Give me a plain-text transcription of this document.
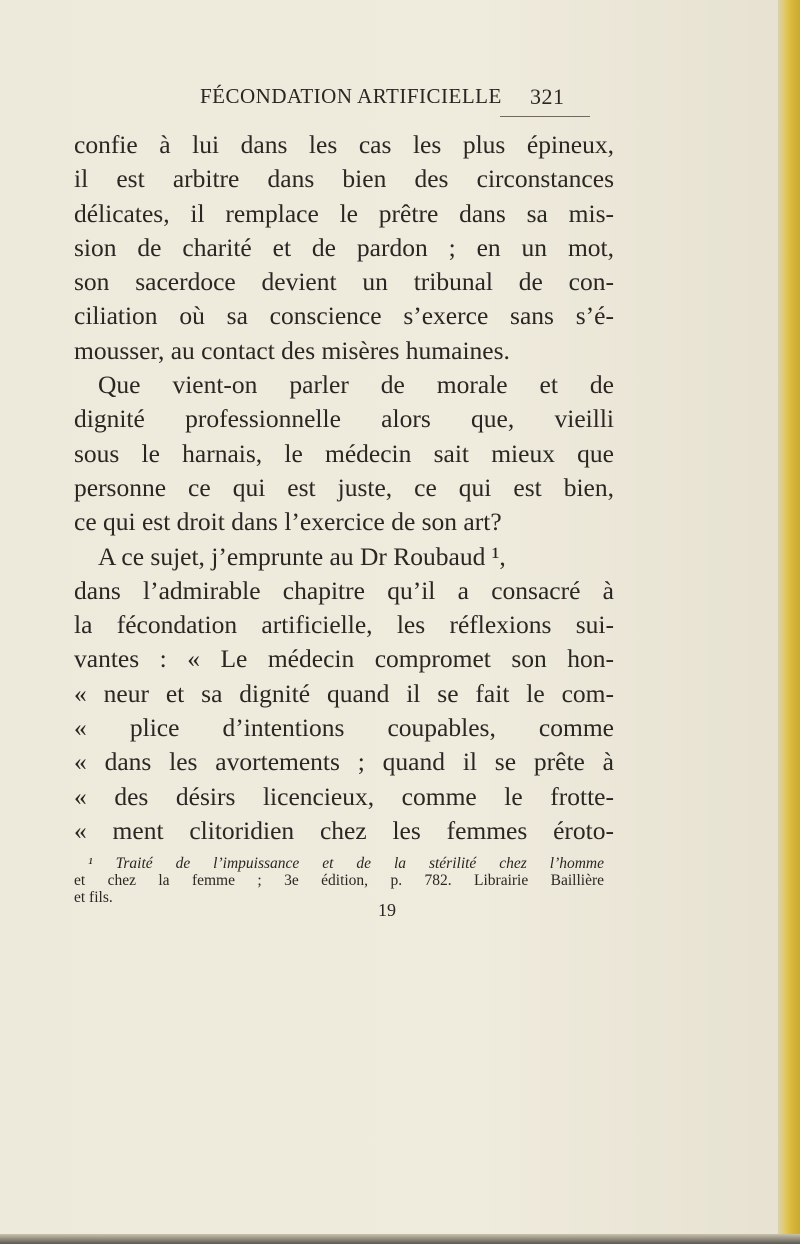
FÉCONDATION ARTIFICIELLE 321
confie à lui dans les cas les plus épineux,
il est arbitre dans bien des circonstances
délicates, il remplace le prêtre dans sa mis-
sion de charité et de pardon ; en un mot,
son sacerdoce devient un tribunal de con-
ciliation où sa conscience s’exerce sans s’é-
mousser, au contact des misères humaines.
Que vient-on parler de morale et de
dignité professionnelle alors que, vieilli
sous le harnais, le médecin sait mieux que
personne ce qui est juste, ce qui est bien,
ce qui est droit dans l’exercice de son art?
A ce sujet, j’emprunte au Dr Roubaud ¹,
dans l’admirable chapitre qu’il a consacré à
la fécondation artificielle, les réflexions sui-
vantes : « Le médecin compromet son hon-
« neur et sa dignité quand il se fait le com-
« plice d’intentions coupables, comme
« dans les avortements ; quand il se prête à
« des désirs licencieux, comme le frotte-
« ment clitoridien chez les femmes éroto-
¹ Traité de l’impuissance et de la stérilité chez l’homme
et chez la femme ; 3e édition, p. 782. Librairie Baillière
et fils.
19
